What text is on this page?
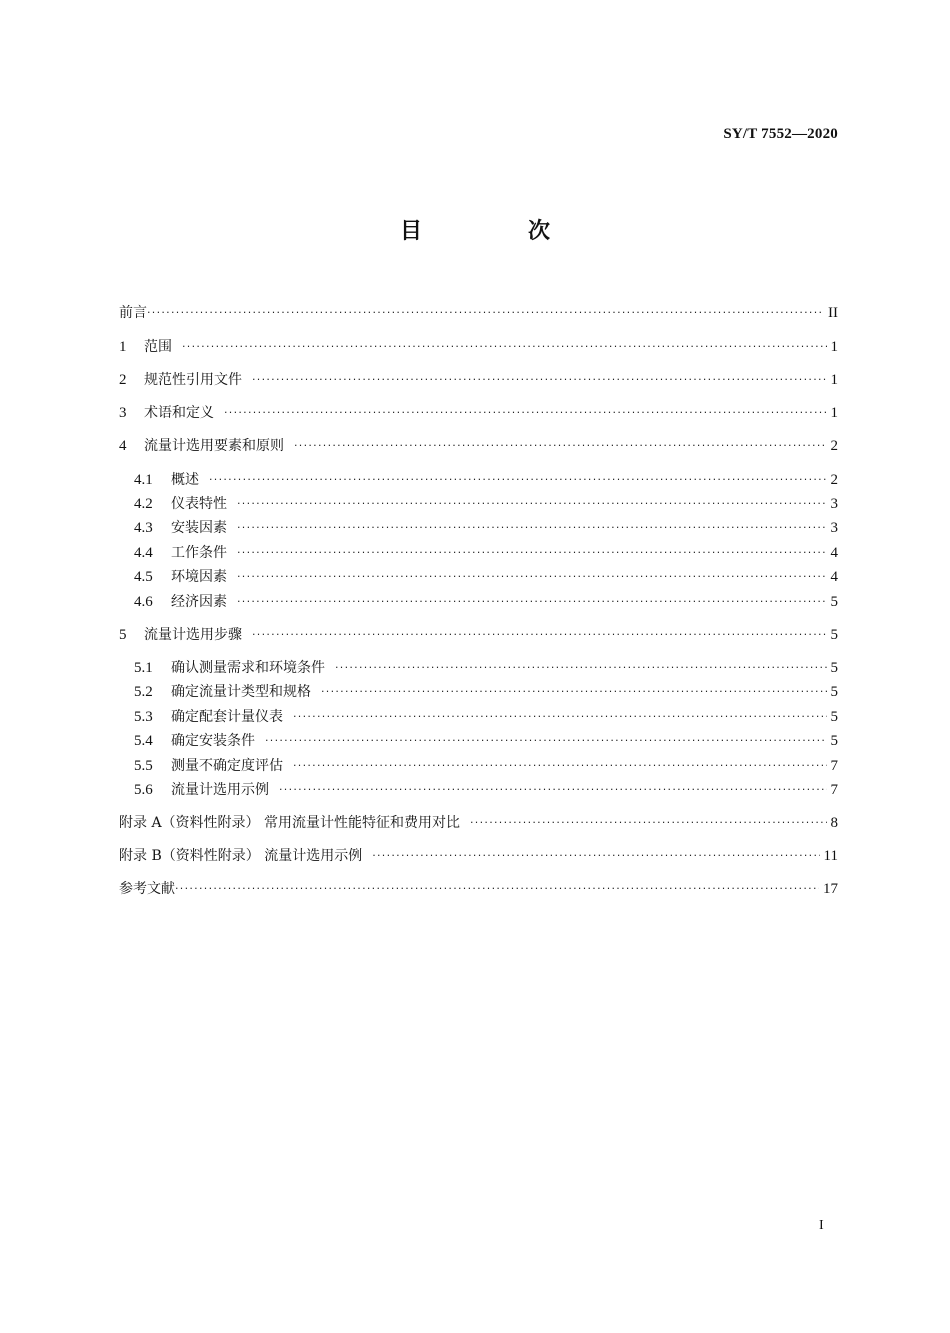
SY/T 7552—2020
目　次
前言 ·····	II
1	范围 ·····	1
2	规范性引用文件 ·····	1
3	术语和定义 ·····	1
4	流量计选用要素和原则 ·····	2
4.1	概述 ·····	2
4.2	仪表特性 ·····	3
4.3	安装因素 ·····	3
4.4	工作条件 ·····	4
4.5	环境因素 ·····	4
4.6	经济因素 ·····	5
5	流量计选用步骤 ·····	5
5.1	确认测量需求和环境条件 ·····	5
5.2	确定流量计类型和规格 ·····	5
5.3	确定配套计量仪表 ·····	5
5.4	确定安装条件 ·····	5
5.5	测量不确定度评估 ·····	7
5.6	流量计选用示例 ·····	7
附录 A（资料性附录） 常用流量计性能特征和费用对比 ·····	8
附录 B（资料性附录） 流量计选用示例 ·····	11
参考文献 ·····	17
I
